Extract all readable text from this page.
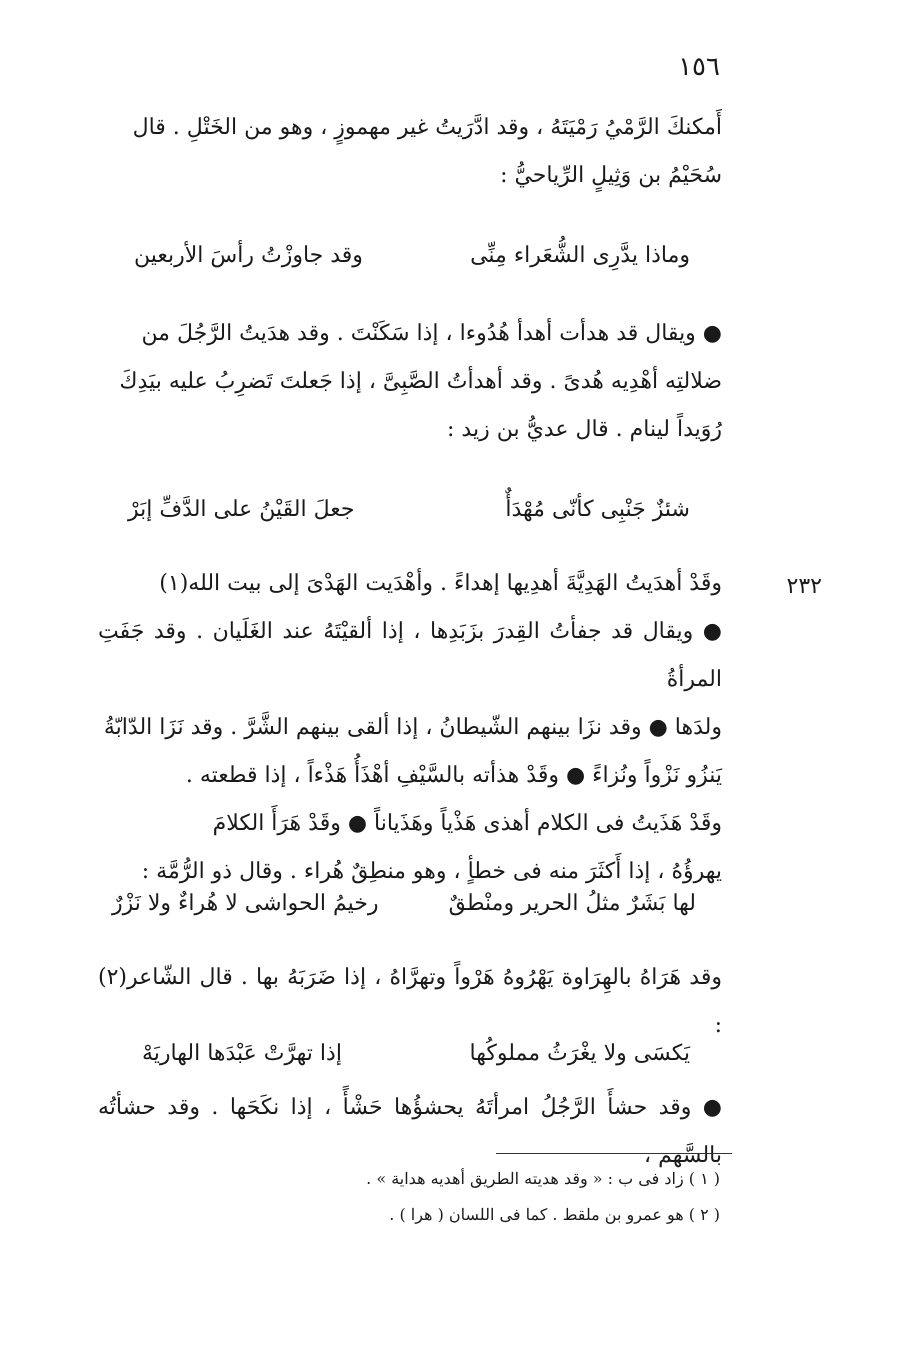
١٥٦

أَمكنكَ الرَّمْيُ رَمْيَتَهُ ، وقد ادَّرَيتُ غير مهموزٍ ، وهو من الخَتْلِ . قال

سُحَيْمُ بن وَثِيلٍ الرِّياحيُّ :

وماذا يدَّرِى الشُّعَراء مِنِّى
وقد جاوزْتُ رأسَ الأربعين

● ويقال قد هدأت أهدأ هُدُوءا ، إذا سَكَنْتَ . وقد هدَيتُ الرَّجُلَ من

ضلالتِه أهْدِيه هُدىً . وقد أهدأتُ الصَّبِىَّ ، إذا جَعلتَ تَضرِبُ عليه بيَدِكَ

رُوَيداً لينام . قال عديُّ بن زيد :

شئزٌ جَنْبِى كأنّى مُهْدَأٌ
جعلَ القَيْنُ على الدَّفِّ إبَرْ
٢٣٢

وقَدْ أهدَيتُ الهَدِيَّةَ أهدِيها إهداءً . وأهْدَيت الهَدْىَ إلى بيت الله(١)

● ويقال قد جفأتُ القِدرَ بزَبَدِها ، إذا ألقيْتَهُ عند الغَلَيان . وقد جَفَتِ المرأةُ

ولدَها ● وقد نزَا بينهم الشّيطانُ ، إذا ألقى بينهم الشَّرَّ . وقد نَزَا الدّابّةُ

يَنزُو نَزْواً ونُزاءً ● وقَدْ هذأته بالسَّيْفِ أهْذَأُ هَذْءاً ، إذا قطعته .

وقَدْ هَذَيتُ فى الكلام أهذى هَذْياً وهَذَياناً ● وقَدْ هَرَأَ الكلامَ

يهرؤُهُ ، إذا أَكثَرَ منه فى خطأٍ ، وهو منطِقٌ هُراء . وقال ذو الرُّمَّة :

لها بَشَرٌ مثلُ الحرير ومنْطقٌ
رخيمُ الحواشى لا هُراءٌ ولا نَزْرٌ

وقد هَرَاهُ بالهِرَاوة يَهْرُوهُ هَرْواً وتهرَّاهُ ، إذا ضَرَبَهُ بها . قال الشّاعر(٢) :

يَكسَى ولا يغْرَثُ مملوكُها
إذا تهرَّتْ عَبْدَها الهاريَهْ

● وقد حشأَ الرَّجُلُ امرأتَهُ يحشؤُها حَشْأً ، إذا نكَحَها . وقد حشأتُه بالسَّهم ،

( ١ ) زاد فى ب : « وقد هديته الطريق أهديه هداية » .
( ٢ ) هو عمرو بن ملقط . كما فى اللسان ( هرا ) .
